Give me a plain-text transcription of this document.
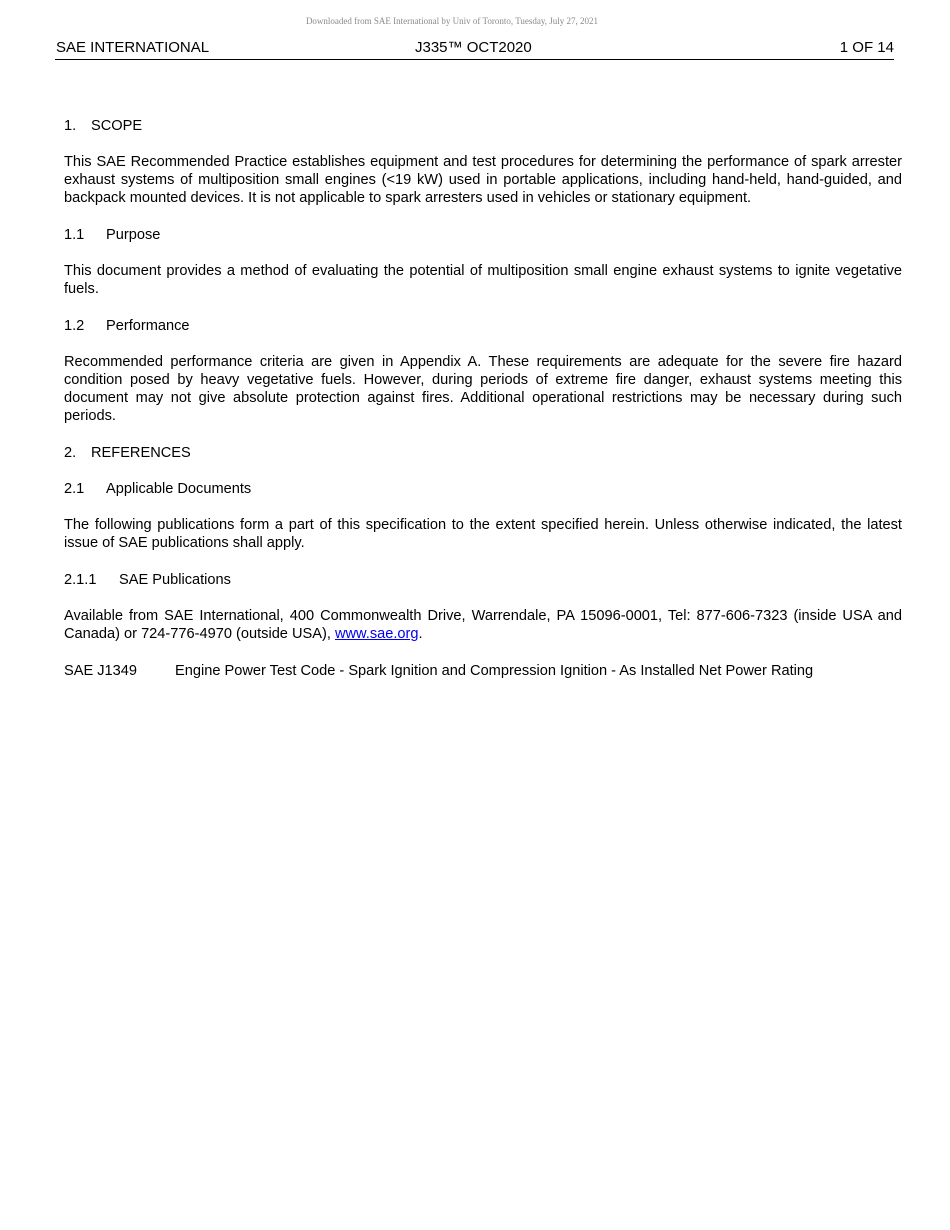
Downloaded from SAE International by Univ of Toronto, Tuesday, July 27, 2021
SAE INTERNATIONAL	J335™ OCT2020	1 OF 14
1. SCOPE

This SAE Recommended Practice establishes equipment and test procedures for determining the performance of spark arrester exhaust systems of multiposition small engines (<19 kW) used in portable applications, including hand-held, hand-guided, and backpack mounted devices. It is not applicable to spark arresters used in vehicles or stationary equipment.

1.1 Purpose

This document provides a method of evaluating the potential of multiposition small engine exhaust systems to ignite vegetative fuels.

1.2 Performance

Recommended performance criteria are given in Appendix A. These requirements are adequate for the severe fire hazard condition posed by heavy vegetative fuels. However, during periods of extreme fire danger, exhaust systems meeting this document may not give absolute protection against fires. Additional operational restrictions may be necessary during such periods.

2. REFERENCES
2.1 Applicable Documents

The following publications form a part of this specification to the extent specified herein. Unless otherwise indicated, the latest issue of SAE publications shall apply.

2.1.1 SAE Publications

Available from SAE International, 400 Commonwealth Drive, Warrendale, PA 15096-0001, Tel: 877-606-7323 (inside USA and Canada) or 724-776-4970 (outside USA), www.sae.org.

SAE J1349	Engine Power Test Code - Spark Ignition and Compression Ignition - As Installed Net Power Rating
